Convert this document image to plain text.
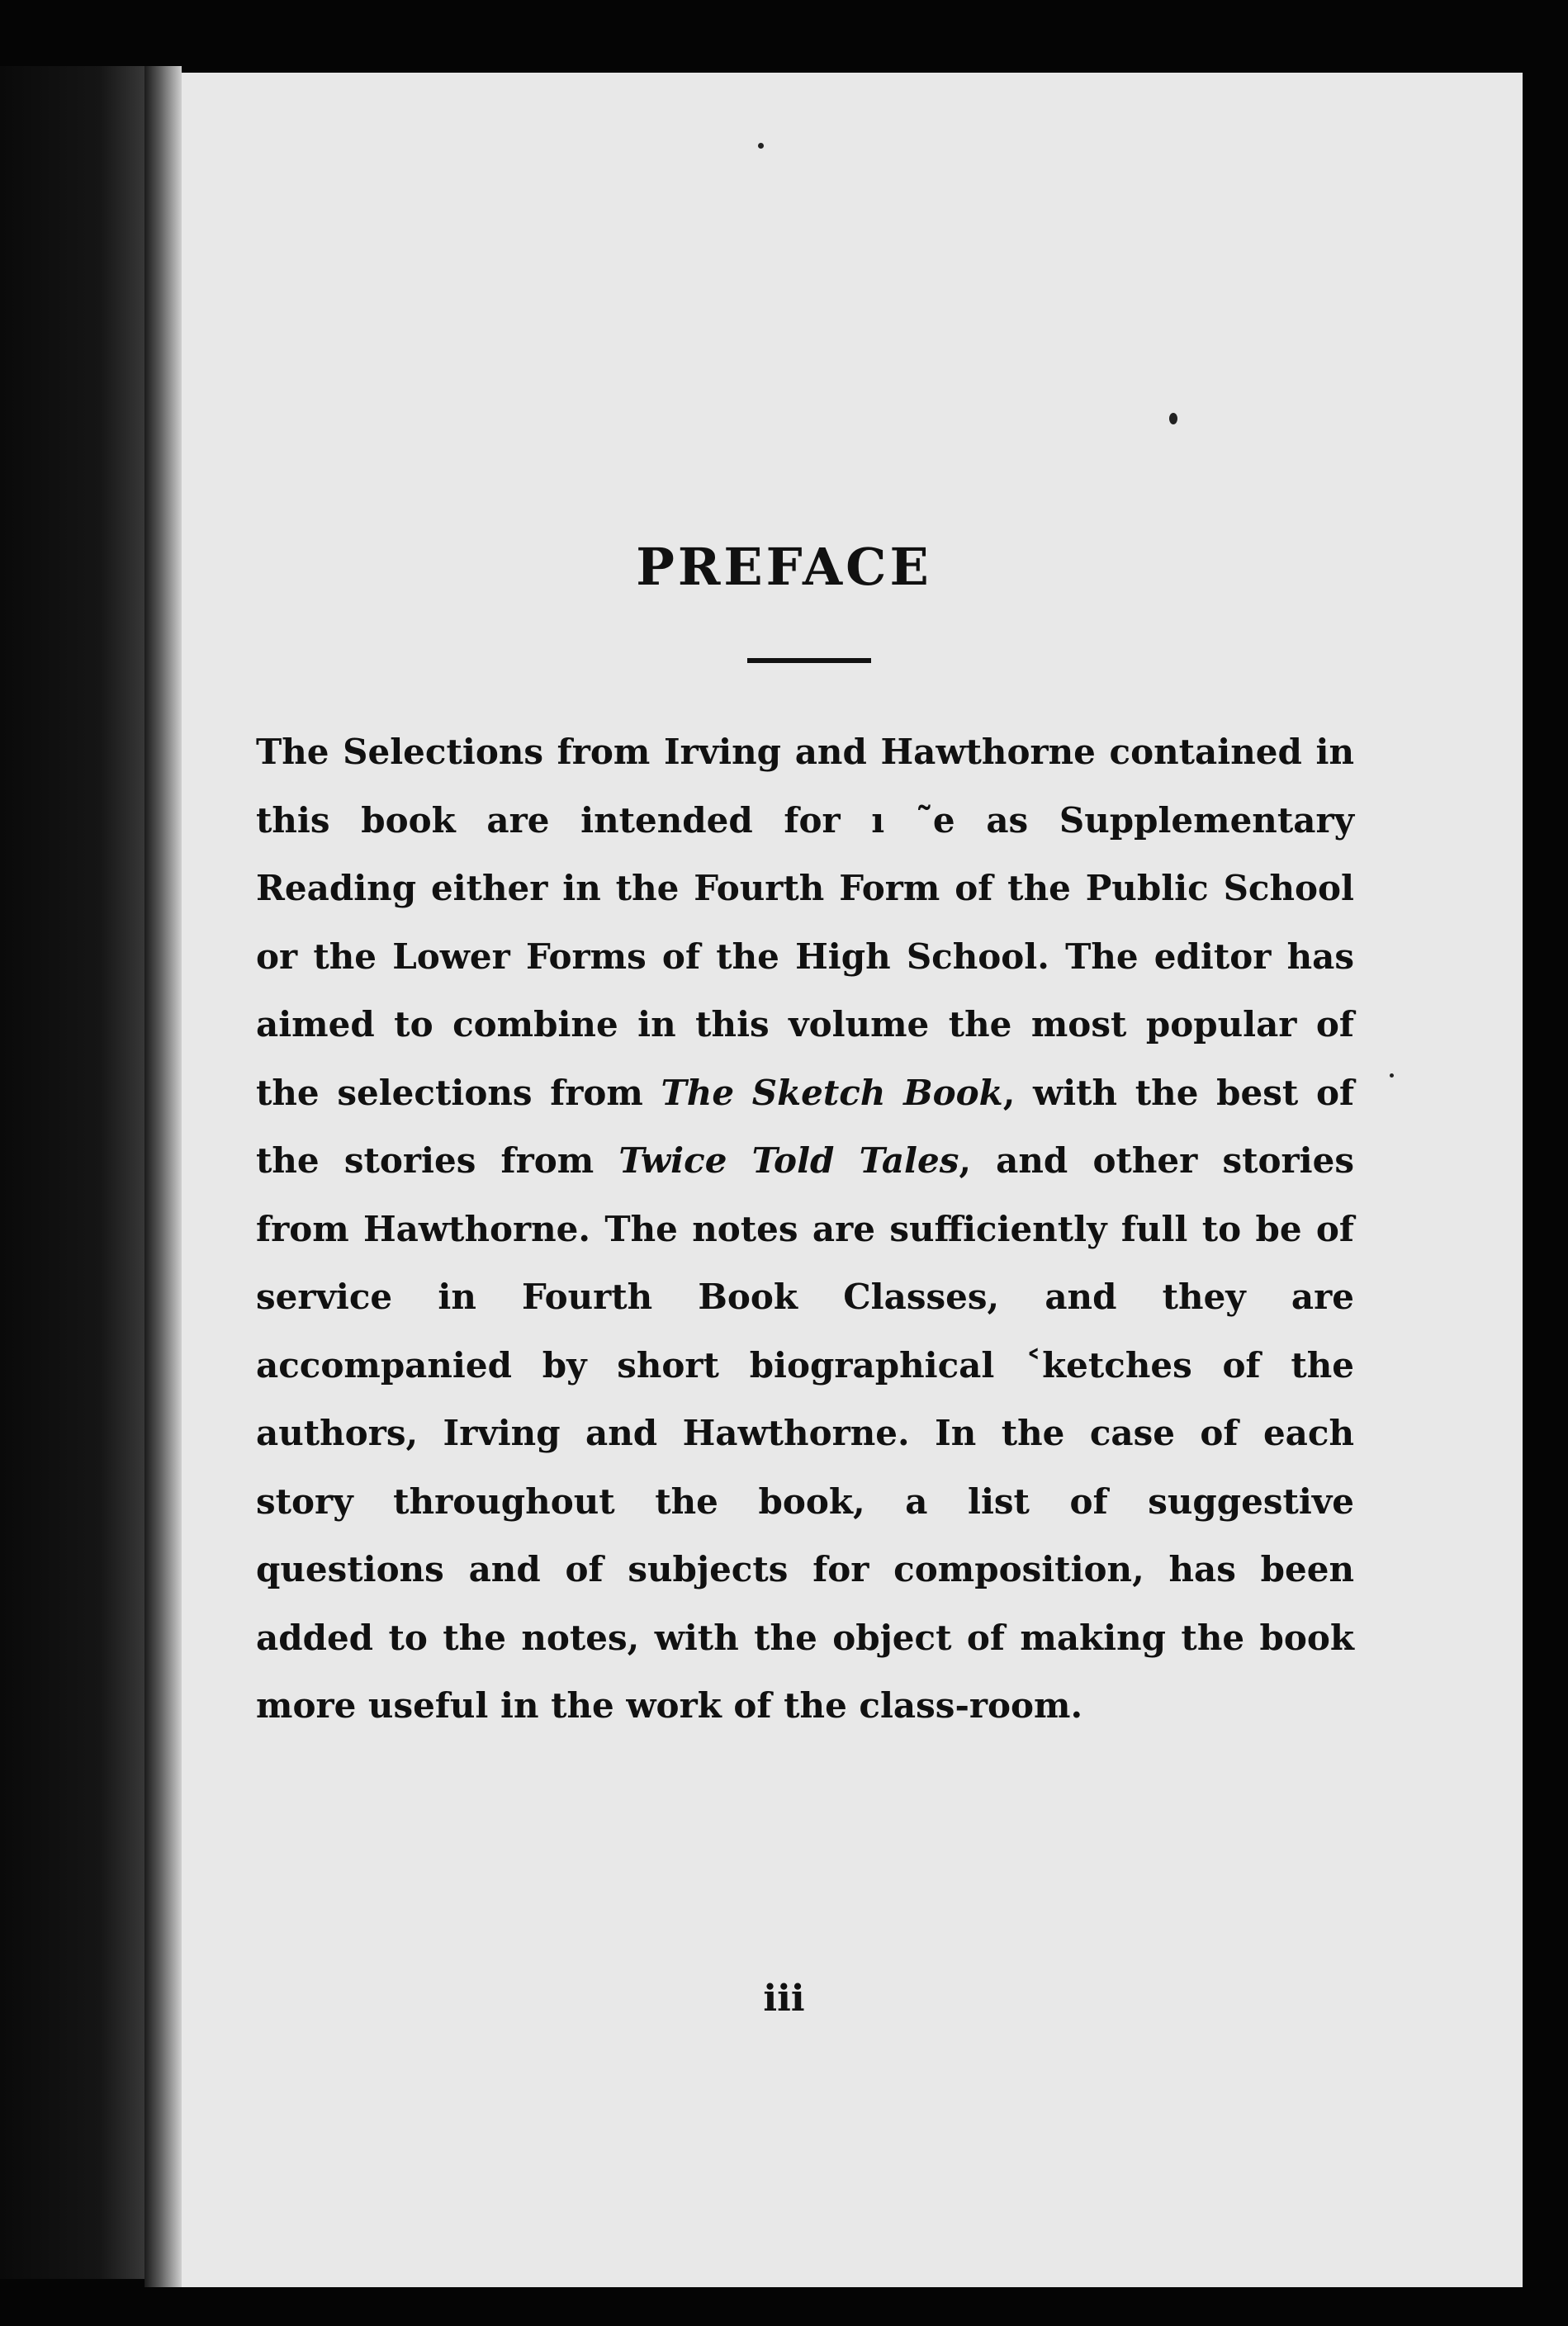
PREFACE

The Selections from Irving and Hawthorne contained in this book are intended for ı ˜e as Supplementary Reading either in the Fourth Form of the Public School or the Lower Forms of the High School. The editor has aimed to combine in this volume the most popular of the selections from The Sketch Book, with the best of the stories from Twice Told Tales, and other stories from Hawthorne. The notes are sufficiently full to be of service in Fourth Book Classes, and they are accompanied by short biographical ˂ketches of the authors, Irving and Hawthorne. In the case of each story throughout the book, a list of suggestive questions and of subjects for composition, has been added to the notes, with the object of making the book more useful in the work of the class-room.

iii
